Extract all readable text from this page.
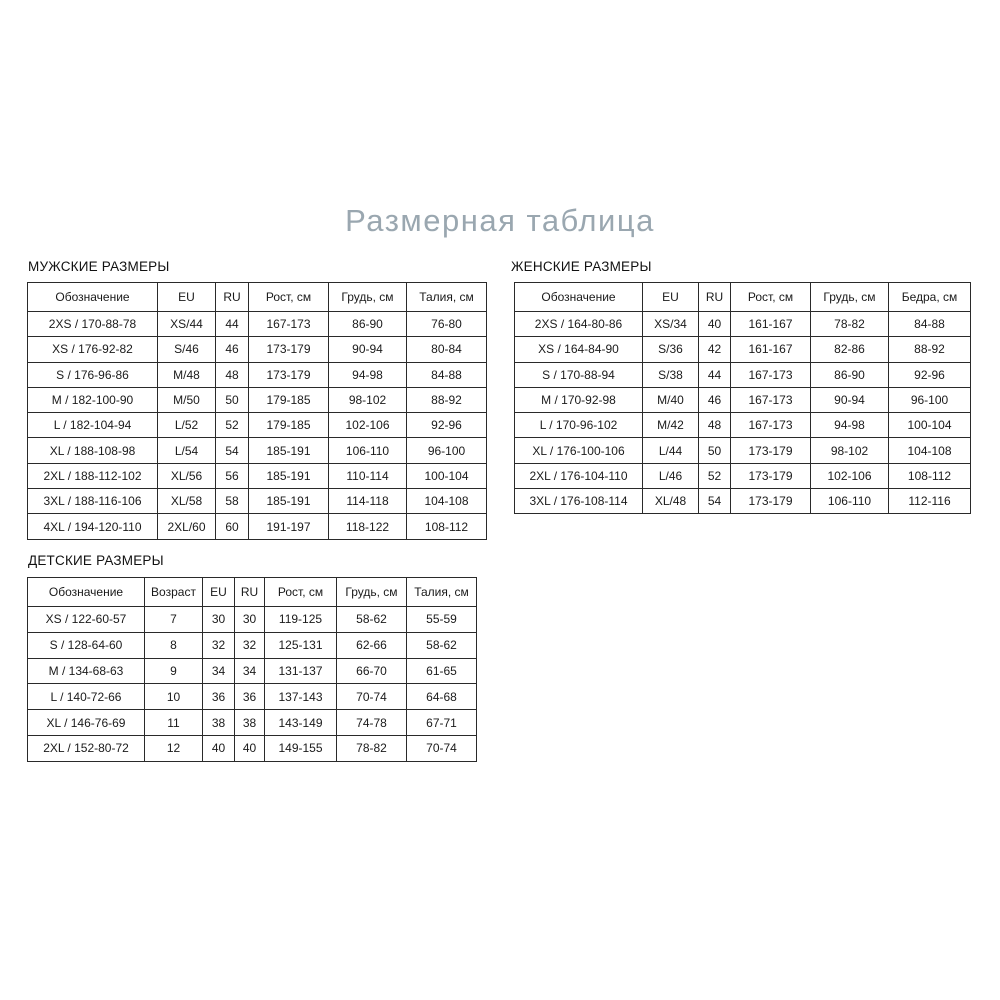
Размерная таблица
МУЖСКИЕ РАЗМЕРЫ
Обозначение	EU	RU	Рост, см	Грудь, см	Талия, см
2XS / 170-88-78	XS/44	44	167-173	86-90	76-80
XS / 176-92-82	S/46	46	173-179	90-94	80-84
S / 176-96-86	M/48	48	173-179	94-98	84-88
M / 182-100-90	M/50	50	179-185	98-102	88-92
L / 182-104-94	L/52	52	179-185	102-106	92-96
XL / 188-108-98	L/54	54	185-191	106-110	96-100
2XL / 188-112-102	XL/56	56	185-191	110-114	100-104
3XL / 188-116-106	XL/58	58	185-191	114-118	104-108
4XL / 194-120-110	2XL/60	60	191-197	118-122	108-112
ЖЕНСКИЕ РАЗМЕРЫ
Обозначение	EU	RU	Рост, см	Грудь, см	Бедра, см
2XS / 164-80-86	XS/34	40	161-167	78-82	84-88
XS / 164-84-90	S/36	42	161-167	82-86	88-92
S / 170-88-94	S/38	44	167-173	86-90	92-96
M / 170-92-98	M/40	46	167-173	90-94	96-100
L / 170-96-102	M/42	48	167-173	94-98	100-104
XL / 176-100-106	L/44	50	173-179	98-102	104-108
2XL / 176-104-110	L/46	52	173-179	102-106	108-112
3XL / 176-108-114	XL/48	54	173-179	106-110	112-116
ДЕТСКИЕ РАЗМЕРЫ
Обозначение	Возраст	EU	RU	Рост, см	Грудь, см	Талия, см
XS / 122-60-57	7	30	30	119-125	58-62	55-59
S / 128-64-60	8	32	32	125-131	62-66	58-62
M / 134-68-63	9	34	34	131-137	66-70	61-65
L / 140-72-66	10	36	36	137-143	70-74	64-68
XL / 146-76-69	11	38	38	143-149	74-78	67-71
2XL / 152-80-72	12	40	40	149-155	78-82	70-74
